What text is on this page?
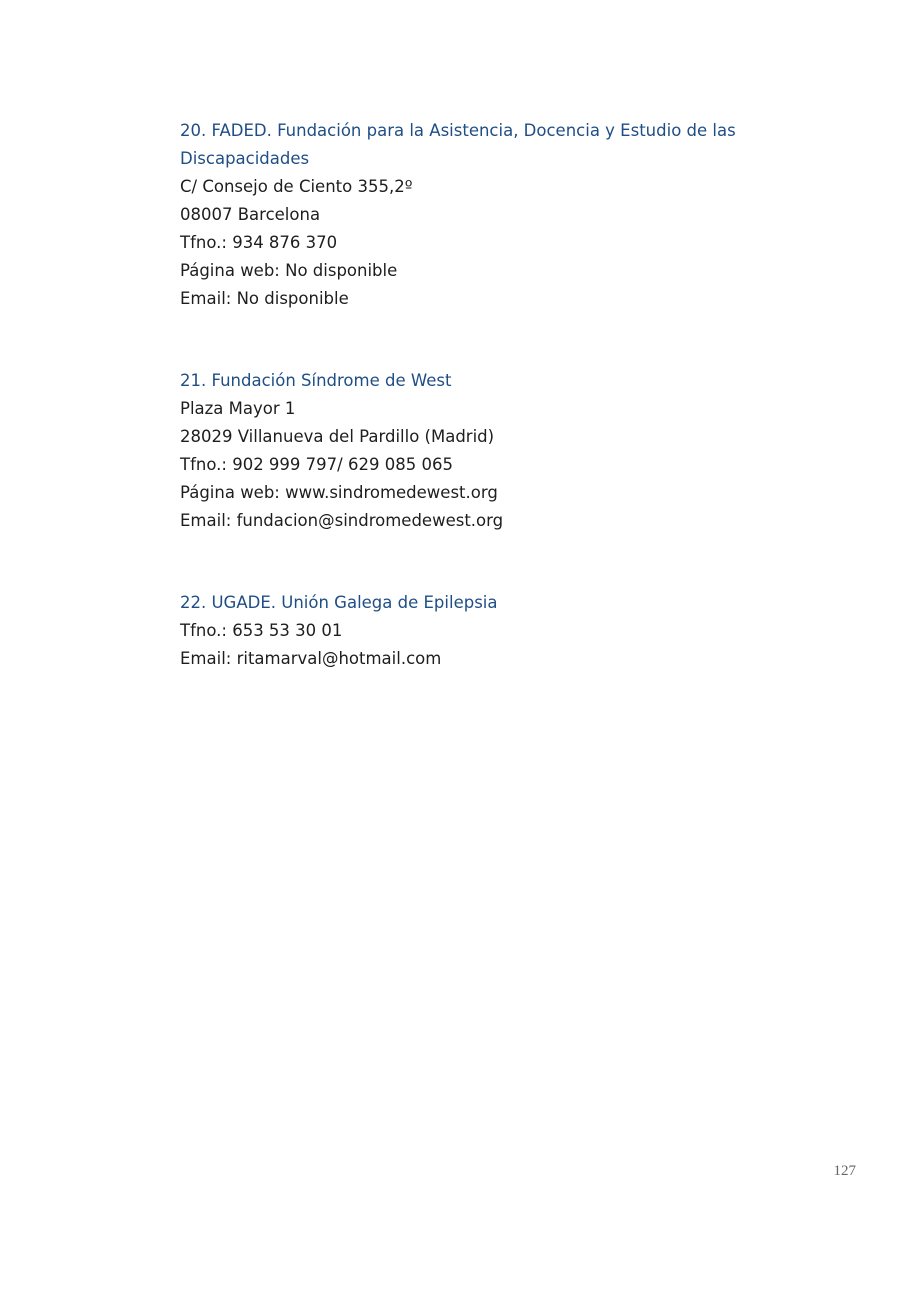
20. FADED. Fundación para la Asistencia, Docencia y Estudio de las

Discapacidades

C/ Consejo de Ciento 355,2º

08007 Barcelona

Tfno.: 934 876 370

Página web: No disponible

Email: No disponible

21. Fundación Síndrome de West

Plaza Mayor 1

28029 Villanueva del Pardillo (Madrid)

Tfno.: 902 999 797/ 629 085 065

Página web: www.sindromedewest.org

Email: fundacion@sindromedewest.org

22. UGADE. Unión Galega de Epilepsia

Tfno.: 653 53 30 01

Email: ritamarval@hotmail.com

127
